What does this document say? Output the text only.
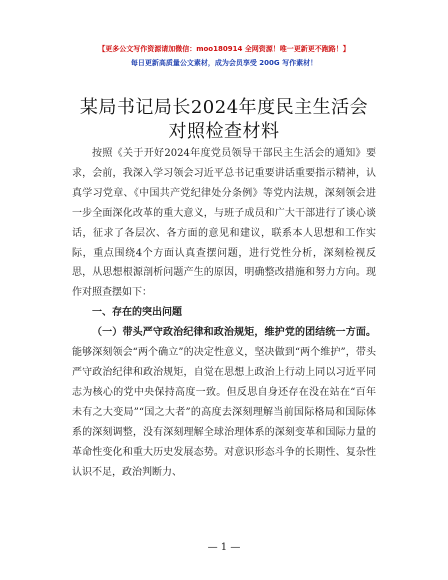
【更多公文写作资源请加微信：moo180914 全网资源！唯一更新更不跑路！】
每日更新高质量公文素材，成为会员享受 200G 写作素材！
某局书记局长2024年度民主生活会对照检查材料

按照《关于开好2024年度党员领导干部民主生活会的通知》要求，会前，我深入学习领会习近平总书记重要讲话重要指示精神，认真学习党章、《中国共产党纪律处分条例》等党内法规，深刻领会进一步全面深化改革的重大意义，与班子成员和广大干部进行了谈心谈话，征求了各层次、各方面的意见和建议，联系本人思想和工作实际，重点围绕4个方面认真查摆问题，进行党性分析，深刻检视反思，从思想根源剖析问题产生的原因，明确整改措施和努力方向。现作对照查摆如下：

一、存在的突出问题

（一）带头严守政治纪律和政治规矩，维护党的团结统一方面。能够深刻领会“两个确立”的决定性意义，坚决做到“两个维护”，带头严守政治纪律和政治规矩，自觉在思想上政治上行动上同以习近平同志为核心的党中央保持高度一致。但反思自身还存在没在站在“百年未有之大变局”“国之大者”的高度去深刻理解当前国际格局和国际体系的深刻调整，没有深刻理解全球治理体系的深刻变革和国际力量的革命性变化和重大历史发展态势。对意识形态斗争的长期性、复杂性认识不足，政治判断力、

— 1 —
